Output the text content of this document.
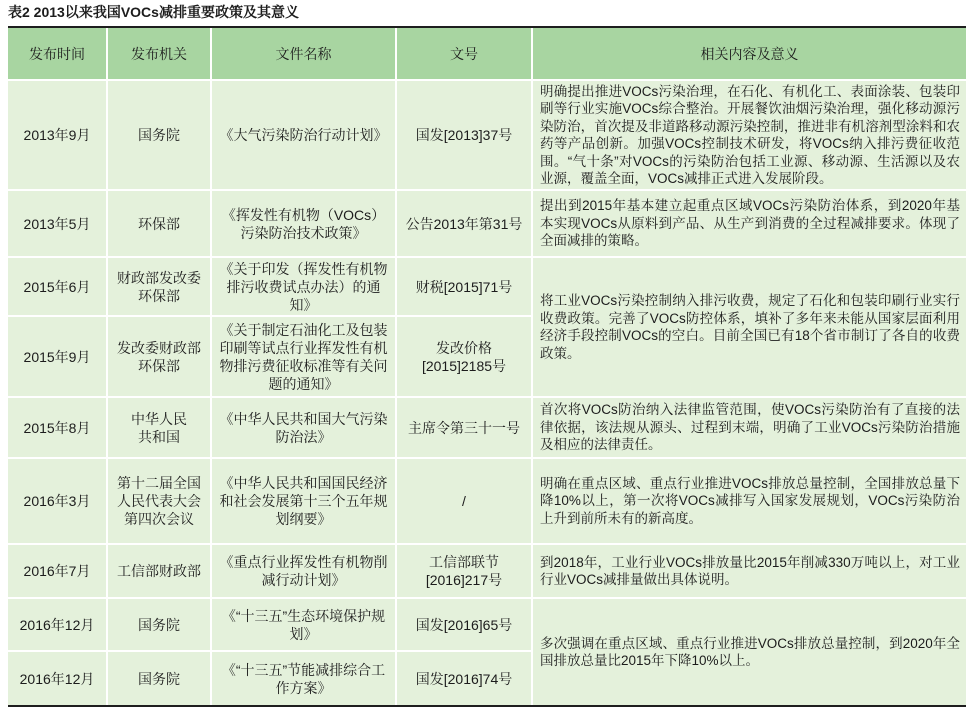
表2 2013以来我国VOCs减排重要政策及其意义
发布时间	发布机关	文件名称	文号	相关内容及意义
2013年9月	国务院	《大气污染防治行动计划》	国发[2013]37号	明确提出推进VOCs污染治理，在石化、有机化工、表面涂装、包装印刷等行业实施VOCs综合整治。开展餐饮油烟污染治理，强化移动源污染防治，首次提及非道路移动源污染控制，推进非有机溶剂型涂料和农药等产品创新。加强VOCs控制技术研发，将VOCs纳入排污费征收范围。“气十条”对VOCs的污染防治包括工业源、移动源、生活源以及农业源，覆盖全面，VOCs减排正式进入发展阶段。
2013年5月	环保部	《挥发性有机物（VOCs）污染防治技术政策》	公告2013年第31号	提出到2015年基本建立起重点区域VOCs污染防治体系，到2020年基本实现VOCs从原料到产品、从生产到消费的全过程减排要求。体现了全面减排的策略。
2015年6月	财政部发改委环保部	《关于印发（挥发性有机物排污收费试点办法）的通知》	财税[2015]71号	将工业VOCs污染控制纳入排污收费，规定了石化和包装印刷行业实行收费政策。完善了VOCs防控体系，填补了多年来未能从国家层面利用经济手段控制VOCs的空白。目前全国已有18个省市制订了各自的收费政策。
2015年9月	发改委财政部环保部	《关于制定石油化工及包装印刷等试点行业挥发性有机物排污费征收标准等有关问题的通知》	发改价格[2015]2185号	
2015年8月	中华人民共和国	《中华人民共和国大气污染防治法》	主席令第三十一号	首次将VOCs防治纳入法律监管范围，使VOCs污染防治有了直接的法律依据，该法规从源头、过程到末端，明确了工业VOCs污染防治措施及相应的法律责任。
2016年3月	第十二届全国人民代表大会第四次会议	《中华人民共和国国民经济和社会发展第十三个五年规划纲要》	/	明确在重点区域、重点行业推进VOCs排放总量控制，全国排放总量下降10%以上，第一次将VOCs减排写入国家发展规划，VOCs污染防治上升到前所未有的新高度。
2016年7月	工信部财政部	《重点行业挥发性有机物削减行动计划》	工信部联节[2016]217号	到2018年，工业行业VOCs排放量比2015年削减330万吨以上，对工业行业VOCs减排量做出具体说明。
2016年12月	国务院	《“十三五”生态环境保护规划》	国发[2016]65号	多次强调在重点区域、重点行业推进VOCs排放总量控制，到2020年全国排放总量比2015年下降10%以上。
2016年12月	国务院	《“十三五”节能减排综合工作方案》	国发[2016]74号	
